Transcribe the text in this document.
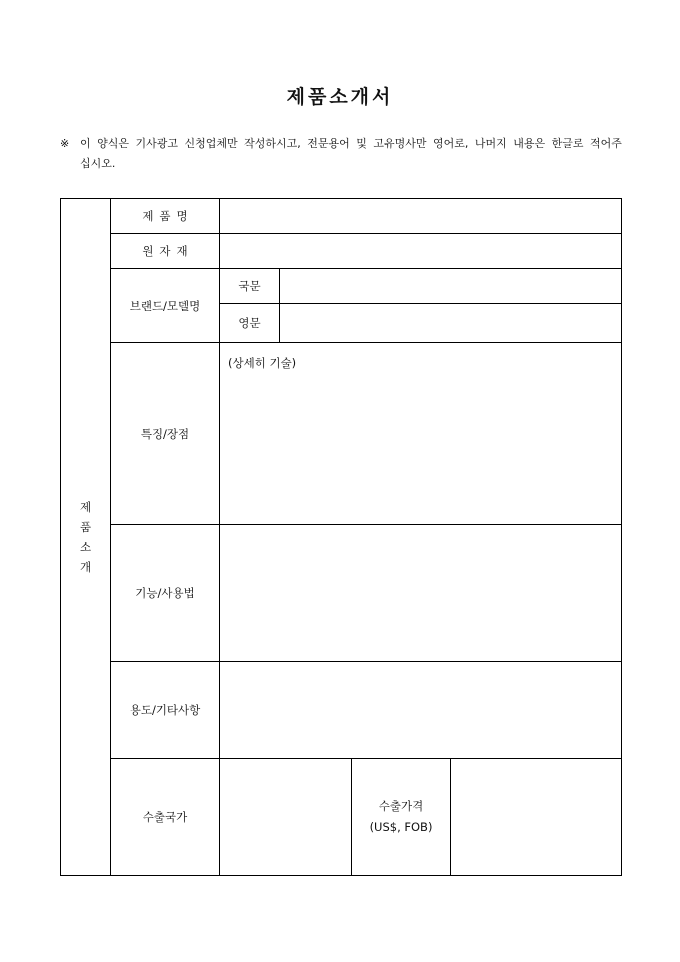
제품소개서
※ 이 양식은 기사광고 신청업체만 작성하시고, 전문용어 및 고유명사만 영어로, 나머지 내용은 한글로 적어주십시오.
제
품
소
개	제품명				
	원자재				
	브랜드/모델명	국문			
		영문			
	특징/장점	(상세히 기술)			

	기능/사용법				
	용도/기타사항				
	수출국가			수출가격
(US$, FOB)	
